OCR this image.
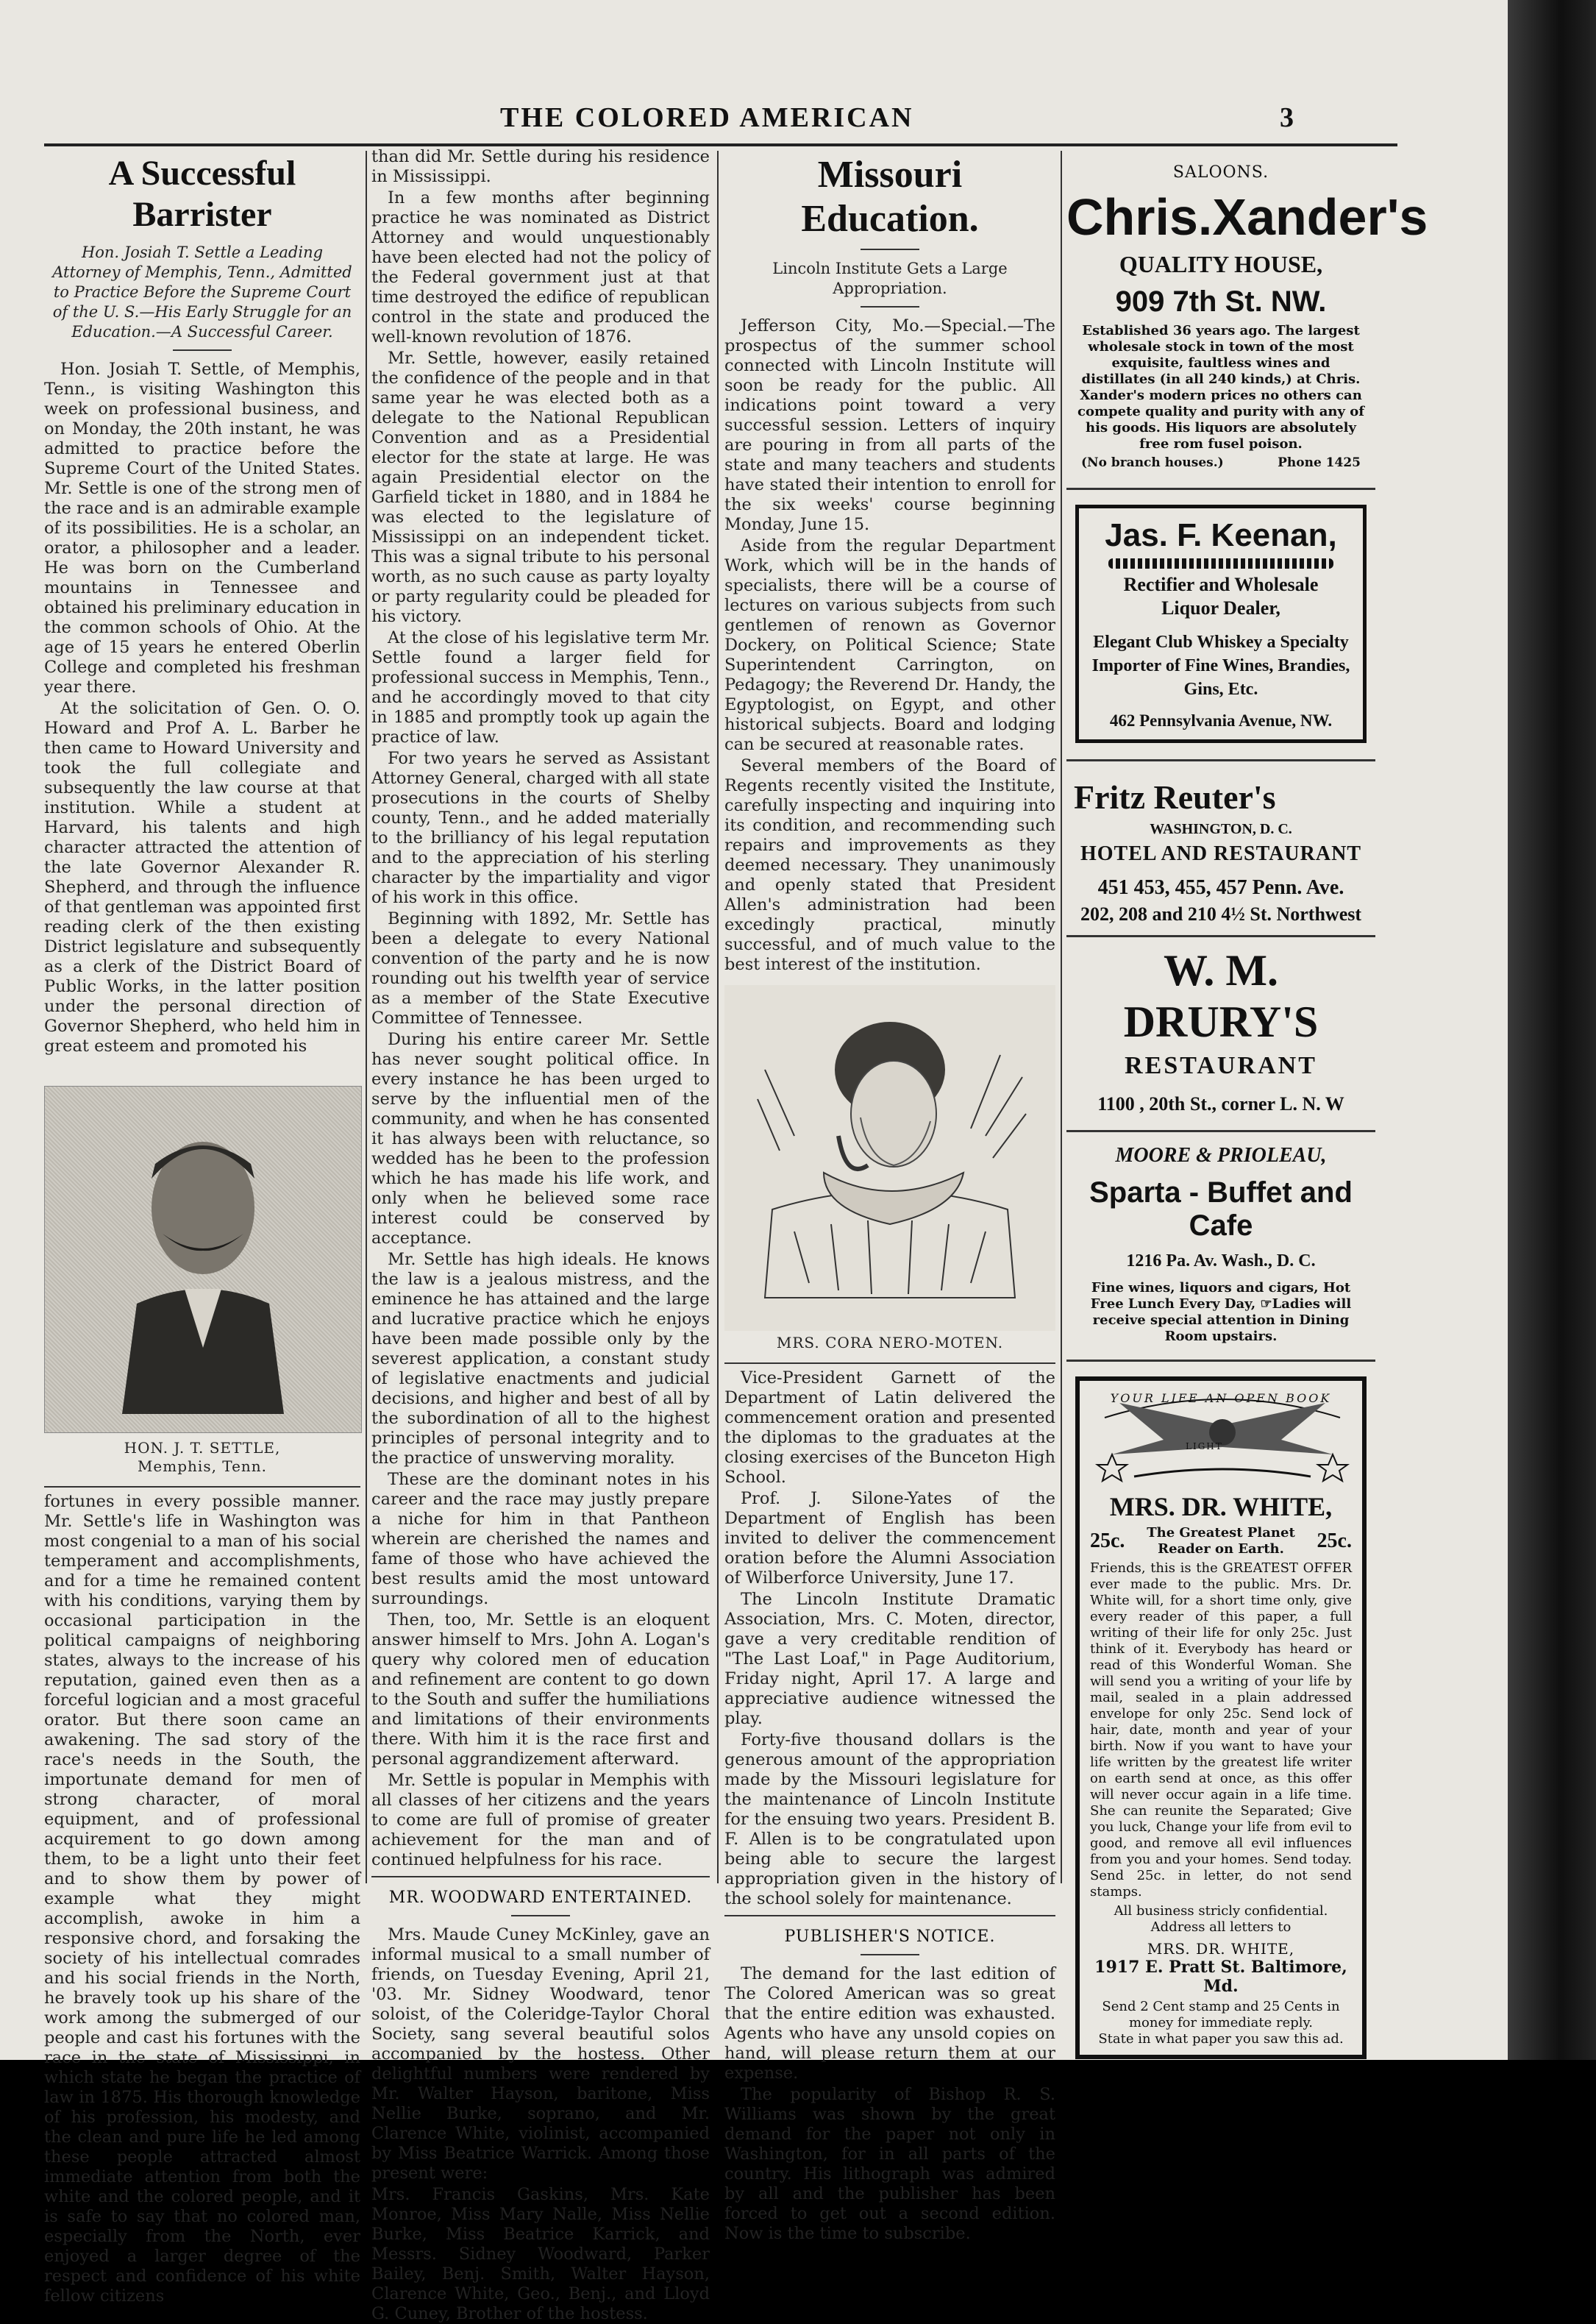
THE COLORED AMERICAN	3
A Successful Barrister
Hon. Josiah T. Settle a Leading Attorney of Memphis, Tenn., Admitted to Practice Before the Supreme Court of the U. S.—His Early Struggle for an Education.—A Successful Career.

Hon. Josiah T. Settle, of Memphis, Tenn., is visiting Washington this week on professional business, and on Monday, the 20th instant, he was admitted to practice before the Supreme Court of the United States. Mr. Settle is one of the strong men of the race and is an admirable example of its possibilities. He is a scholar, an orator, a philosopher and a leader. He was born on the Cumberland mountains in Tennessee and obtained his preliminary education in the common schools of Ohio. At the age of 15 years he entered Oberlin College and completed his freshman year there.

At the solicitation of Gen. O. O. Howard and Prof A. L. Barber he then came to Howard University and took the full collegiate and subsequently the law course at that institution. While a student at Harvard, his talents and high character attracted the attention of the late Governor Alexander R. Shepherd, and through the influence of that gentleman was appointed first reading clerk of the then existing District legislature and subsequently as a clerk of the District Board of Public Works, in the latter position under the personal direction of Governor Shepherd, who held him in great esteem and promoted his

HON. J. T. SETTLE,
Memphis, Tenn.

fortunes in every possible manner. Mr. Settle's life in Washington was most congenial to a man of his social temperament and accomplishments, and for a time he remained content with his conditions, varying them by occasional participation in the political campaigns of neighboring states, always to the increase of his reputation, gained even then as a forceful logician and a most graceful orator. But there soon came an awakening. The sad story of the race's needs in the South, the importunate demand for men of strong character, of moral equipment, and of professional acquirement to go down among them, to be a light unto their feet and to show them by power of example what they might accomplish, awoke in him a responsive chord, and forsaking the society of his intellectual comrades and his social friends in the North, he bravely took up his share of the work among the submerged of our people and cast his fortunes with the race in the state of Mississippi, in which state he began the practice of law in 1875. His thorough knowledge of his profession, his modesty, and the clean and pure life he led among these people attracted almost immediate attention from both the white and the colored people, and it is safe to say that no colored man, especially from the North, ever enjoyed a larger degree of the respect and confidence of his white fellow citizens

than did Mr. Settle during his residence in Mississippi.

In a few months after beginning practice he was nominated as District Attorney and would unquestionably have been elected had not the policy of the Federal government just at that time destroyed the edifice of republican control in the state and produced the well-known revolution of 1876.

Mr. Settle, however, easily retained the confidence of the people and in that same year he was elected both as a delegate to the National Republican Convention and as a Presidential elector for the state at large. He was again Presidential elector on the Garfield ticket in 1880, and in 1884 he was elected to the legislature of Mississippi on an independent ticket. This was a signal tribute to his personal worth, as no such cause as party loyalty or party regularity could be pleaded for his victory.

At the close of his legislative term Mr. Settle found a larger field for professional success in Memphis, Tenn., and he accordingly moved to that city in 1885 and promptly took up again the practice of law.

For two years he served as Assistant Attorney General, charged with all state prosecutions in the courts of Shelby county, Tenn., and he added materially to the brilliancy of his legal reputation and to the appreciation of his sterling character by the impartiality and vigor of his work in this office.

Beginning with 1892, Mr. Settle has been a delegate to every National convention of the party and he is now rounding out his twelfth year of service as a member of the State Executive Committee of Tennessee.

During his entire career Mr. Settle has never sought political office. In every instance he has been urged to serve by the influential men of the community, and when he has consented it has always been with reluctance, so wedded has he been to the profession which he has made his life work, and only when he believed some race interest could be conserved by acceptance.

Mr. Settle has high ideals. He knows the law is a jealous mistress, and the eminence he has attained and the large and lucrative practice which he enjoys have been made possible only by the severest application, a constant study of legislative enactments and judicial decisions, and higher and best of all by the subordination of all to the highest principles of personal integrity and to the practice of unswerving morality.

These are the dominant notes in his career and the race may justly prepare a niche for him in that Pantheon wherein are cherished the names and fame of those who have achieved the best results amid the most untoward surroundings.

Then, too, Mr. Settle is an eloquent answer himself to Mrs. John A. Logan's query why colored men of education and refinement are content to go down to the South and suffer the humiliations and limitations of their environments there. With him it is the race first and personal aggrandizement afterward.

Mr. Settle is popular in Memphis with all classes of her citizens and the years to come are full of promise of greater achievement for the man and of continued helpfulness for his race.

MR. WOODWARD ENTERTAINED.

Mrs. Maude Cuney McKinley, gave an informal musical to a small number of friends, on Tuesday Evening, April 21, '03. Mr. Sidney Woodward, tenor soloist, of the Coleridge-Taylor Choral Society, sang several beautiful solos accompanied by the hostess. Other delightful numbers were rendered by Mr. Walter Hayson, baritone, Miss Nellie Burke, soprano, and Mr. Clarence White, violinist, accompanied by Miss Beatrice Warrick. Among those present were:

Mrs. Francis Gaskins, Mrs. Kate Monroe, Miss Mary Nalle, Miss Nellie Burke, Miss Beatrice Karrick, and Messrs. Sidney Woodward, Parker Bailey, Benj. Smith, Walter Hayson, Clarence White, Geo., Benj., and Lloyd G. Cuney, Brother of the hostess.

Missouri Education.
Lincoln Institute Gets a Large Appropriation.

Jefferson City, Mo.—Special.—The prospectus of the summer school connected with Lincoln Institute will soon be ready for the public. All indications point toward a very successful session. Letters of inquiry are pouring in from all parts of the state and many teachers and students have stated their intention to enroll for the six weeks' course beginning Monday, June 15.

Aside from the regular Department Work, which will be in the hands of specialists, there will be a course of lectures on various subjects from such gentlemen of renown as Governor Dockery, on Political Science; State Superintendent Carrington, on Pedagogy; the Reverend Dr. Handy, the Egyptologist, on Egypt, and other historical subjects. Board and lodging can be secured at reasonable rates.

Several members of the Board of Regents recently visited the Institute, carefully inspecting and inquiring into its condition, and recommending such repairs and improvements as they deemed necessary. They unanimously and openly stated that President Allen's administration had been excedingly practical, minutly successful, and of much value to the best interest of the institution.

MRS. CORA NERO-MOTEN.

Vice-President Garnett of the Department of Latin delivered the commencement oration and presented the diplomas to the graduates at the closing exercises of the Bunceton High School.

Prof. J. Silone-Yates of the Department of English has been invited to deliver the commencement oration before the Alumni Association of Wilberforce University, June 17.

The Lincoln Institute Dramatic Association, Mrs. C. Moten, director, gave a very creditable rendition of "The Last Loaf," in Page Auditorium, Friday night, April 17. A large and appreciative audience witnessed the play.

Forty-five thousand dollars is the generous amount of the appropriation made by the Missouri legislature for the maintenance of Lincoln Institute for the ensuing two years. President B. F. Allen is to be congratulated upon being able to secure the largest appropriation given in the history of the school solely for maintenance.

PUBLISHER'S NOTICE.

The demand for the last edition of The Colored American was so great that the entire edition was exhausted. Agents who have any unsold copies on hand, will please return them at our expense.

The popularity of Bishop R. S. Williams was shown by the great demand for the paper not only in Washington, for in all parts of the country. His lithograph was admired by all and the publisher has been forced to get out a second edition. Now is the time to subscribe.

SALOONS.
Chris.Xander's
QUALITY HOUSE,
909 7th St. NW.
Established 36 years ago. The largest wholesale stock in town of the most exquisite, faultless wines and distillates (in all 240 kinds,) at Chris. Xander's modern prices no others can compete quality and purity with any of his goods. His liquors are absolutely free rom fusel poison.
(No branch houses.)	Phone 1425
Jas. F. Keenan,
Rectifier and Wholesale
Liquor Dealer,
Elegant Club Whiskey a Specialty
Importer of Fine Wines, Brandies, Gins, Etc.
462 Pennsylvania Avenue, NW.
Fritz Reuter's
WASHINGTON, D. C.
HOTEL AND RESTAURANT
451 453, 455, 457 Penn. Ave.
202, 208 and 210 4½ St. Northwest
W. M. DRURY'S
RESTAURANT
1100 , 20th St., corner L. N. W
MOORE & PRIOLEAU,
Sparta - Buffet and Cafe
1216 Pa. Av. Wash., D. C.
Fine wines, liquors and cigars, Hot Free Lunch Every Day, ☞Ladies will receive special attention in Dining Room upstairs.
YOUR LIFE AN OPEN BOOK
LIGHT
MRS. DR. WHITE,
25c. The Greatest Planet
Reader on Earth.	25c.
Friends, this is the GREATEST OFFER ever made to the public. Mrs. Dr. White will, for a short time only, give every reader of this paper, a full writing of their life for only 25c. Just think of it. Everybody has heard or read of this Wonderful Woman. She will send you a writing of your life by mail, sealed in a plain addressed envelope for only 25c. Send lock of hair, date, month and year of your birth. Now if you want to have your life written by the greatest life writer on earth send at once, as this offer will never occur again in a life time. She can reunite the Separated; Give you luck, Change your life from evil to good, and remove all evil influences from you and your homes. Send today. Send 25c. in letter, do not send stamps.
All business stricly confidential. Address all letters to
MRS. DR. WHITE,
1917 E. Pratt St. Baltimore, Md.
Send 2 Cent stamp and 25 Cents in money for immediate reply.
State in what paper you saw this ad.
